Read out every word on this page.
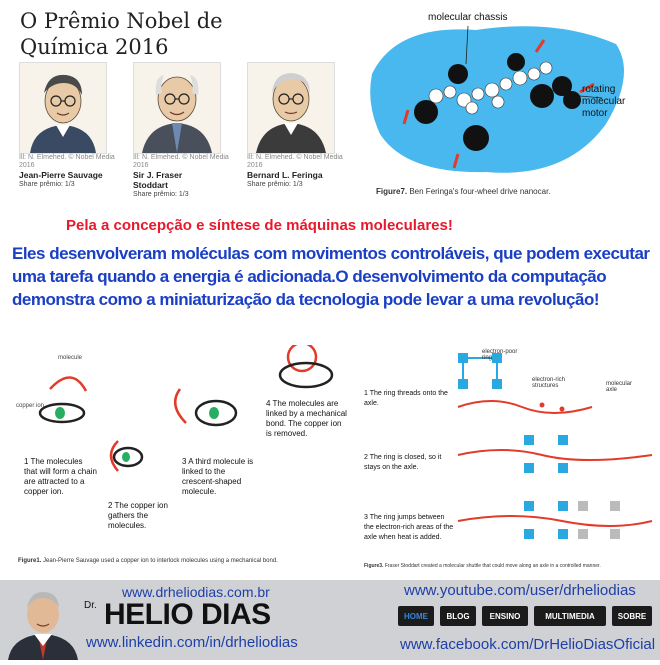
O Prêmio Nobel de
Química 2016
Ill: N. Elmehed. © Nobel Media 2016
Jean-Pierre Sauvage
Share prêmio: 1/3
Ill: N. Elmehed. © Nobel Media 2016
Sir J. Fraser
Stoddart
Share prêmio: 1/3
Ill: N. Elmehed. © Nobel Media 2016
Bernard L. Feringa
Share prêmio: 1/3
molecular chassis
rotating
molecular
motor
Figure7. Ben Feringa's four-wheel drive nanocar.
Pela a concepção e síntese de máquinas moleculares!
Eles desenvolveram moléculas com movimentos controláveis, que podem executar uma tarefa quando a energia é adicionada.O desenvolvimento da computação demonstra como a miniaturização da tecnologia pode levar a uma revolução!
molecule
copper ion
1 The molecules that will form a chain are attracted to a copper ion.
2 The copper ion gathers the molecules.
3 A third molecule is linked to the crescent-shaped molecule.
4 The molecules are linked by a mechanical bond. The copper ion is removed.
Figure1. Jean-Pierre Sauvage used a copper ion to interlock molecules using a mechanical bond.
electron-poor ring
electron-rich structures	molecular axle
1 The ring threads onto the axle.
2 The ring is closed, so it stays on the axle.
3 The ring jumps between the electron-rich areas of the axle when heat is added.
Figure3. Fraser Stoddart created a molecular shuttle that could move along an axle in a controlled manner.
www.drheliodias.com.br
Dr. HELIO DIAS
www.linkedin.com/in/drheliodias
www.youtube.com/user/drheliodias
www.facebook.com/DrHelioDiasOficial
HOME	BLOG	ENSINO	MULTIMEDIA	SOBRE
